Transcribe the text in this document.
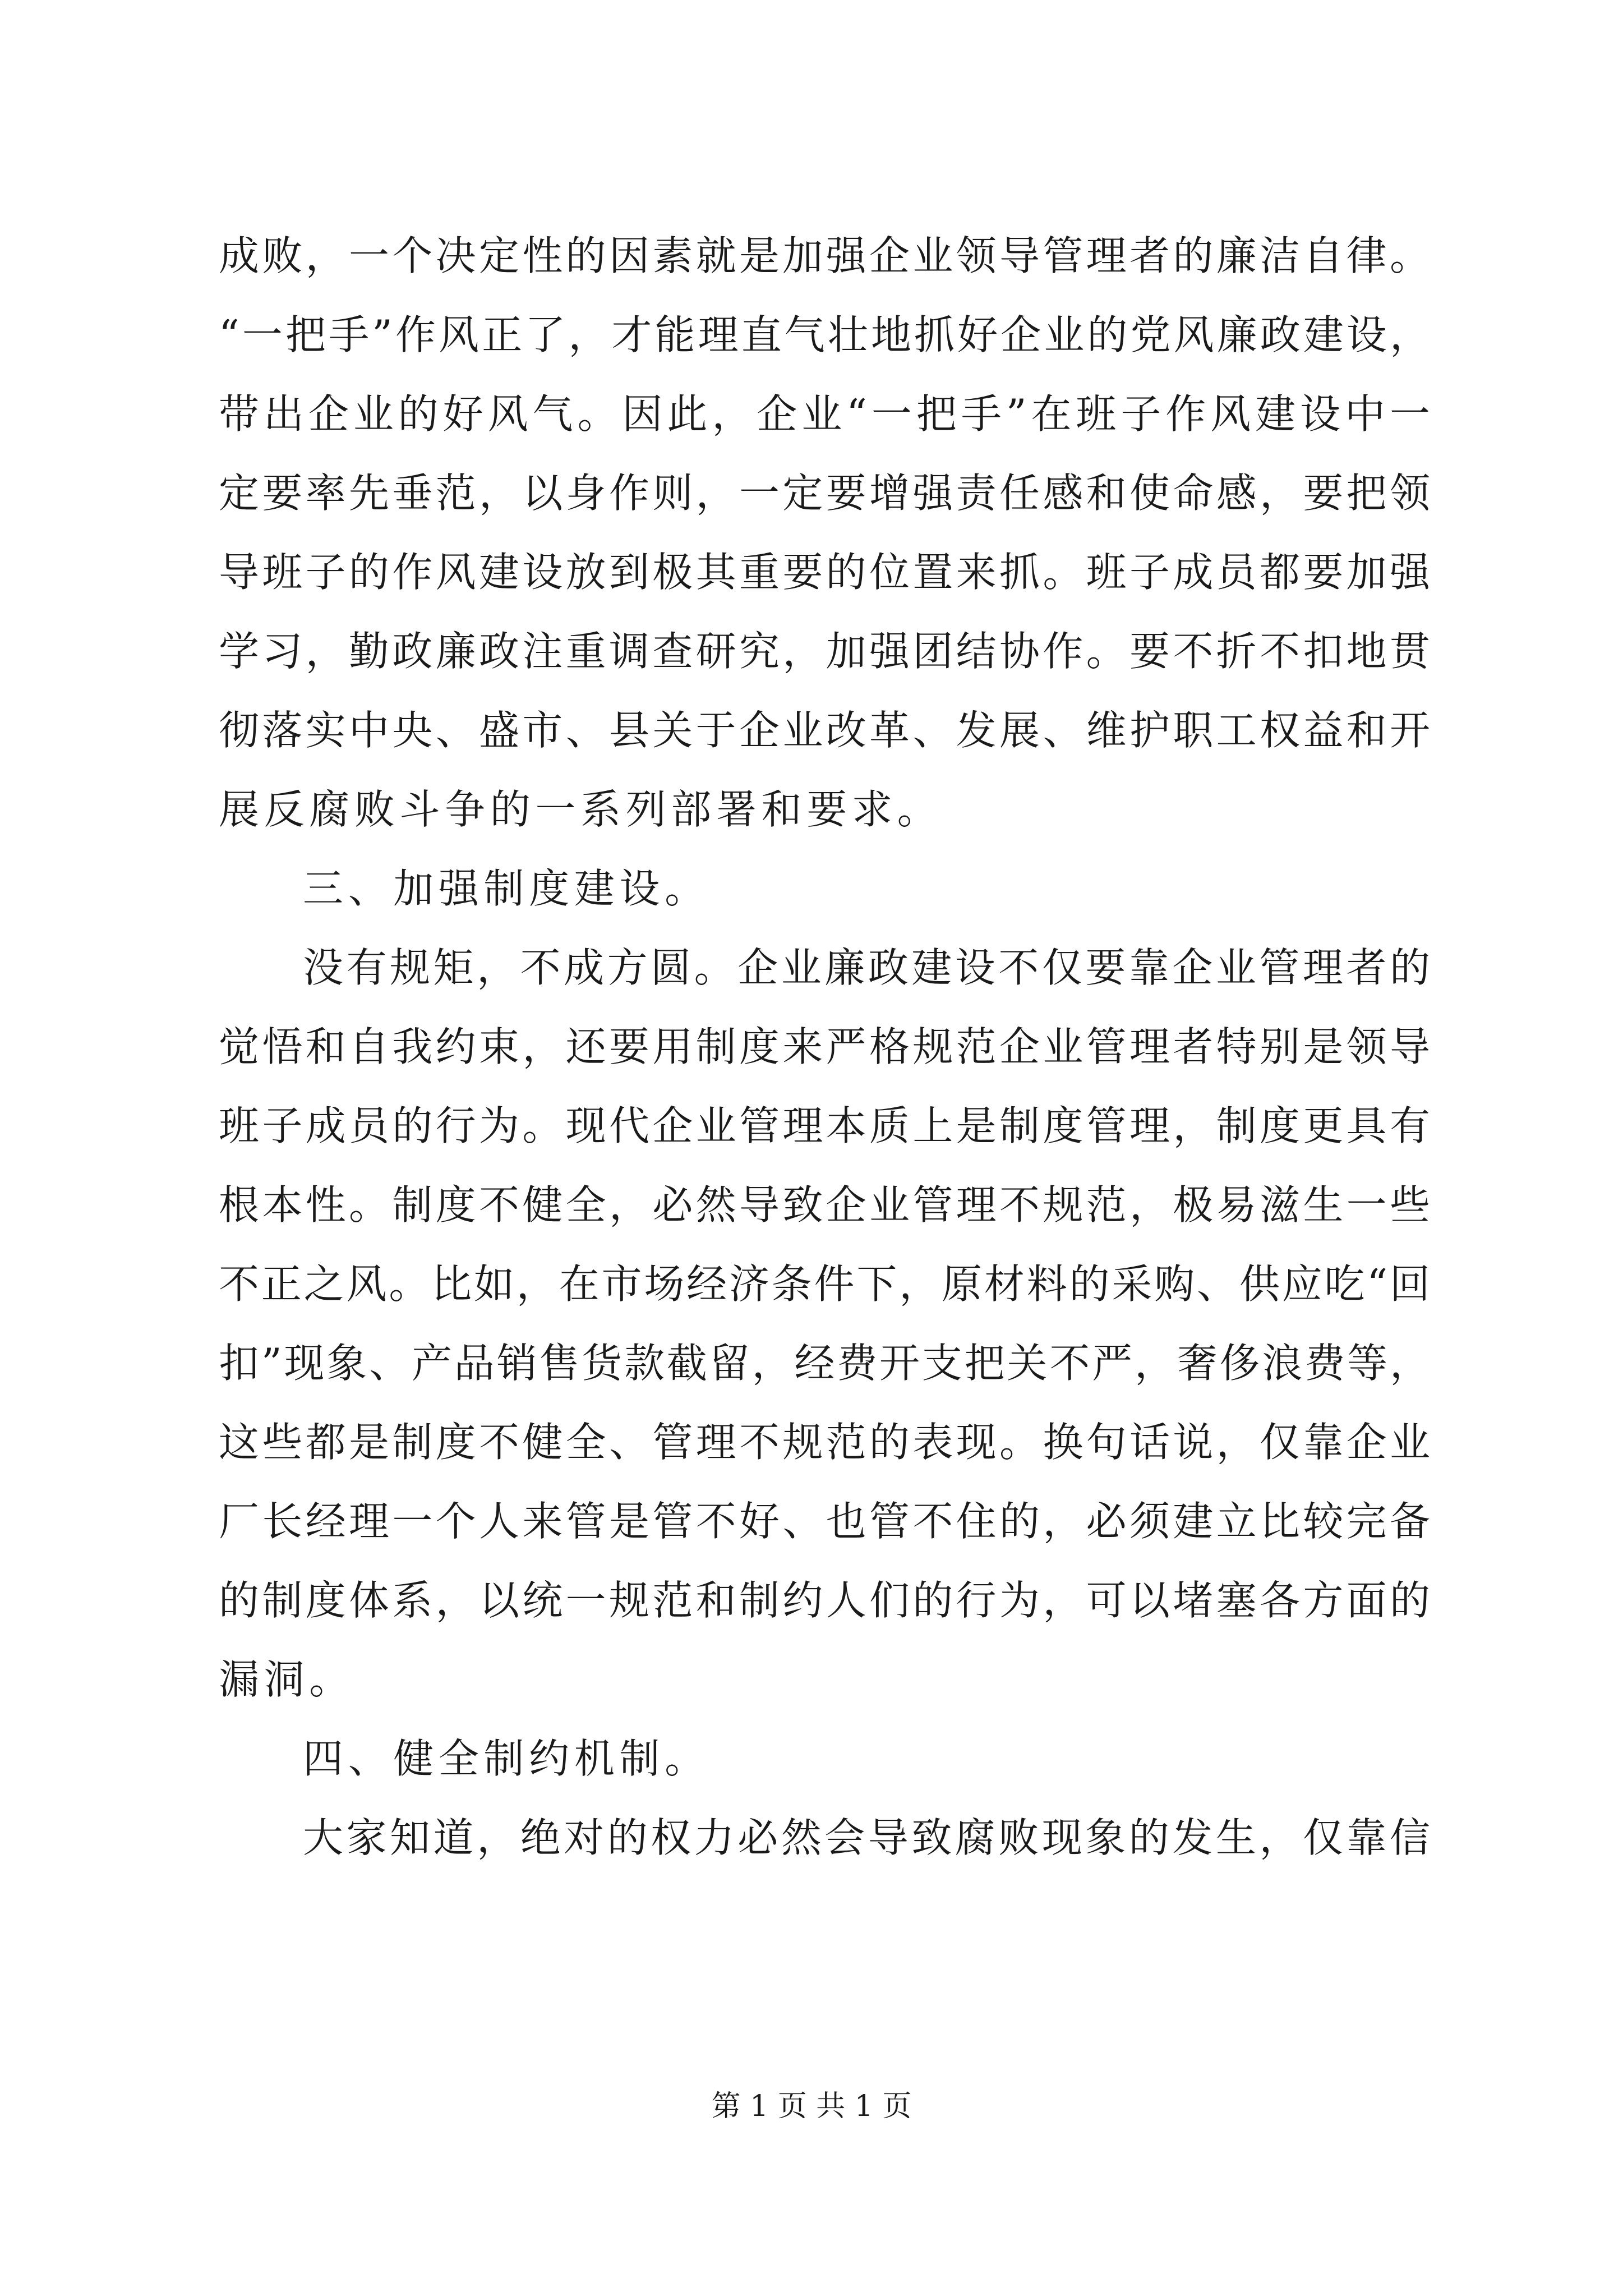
成败，一个决定性的因素就是加强企业领导管理者的廉洁自律。
“一把手”作风正了，才能理直气壮地抓好企业的党风廉政建设，
带出企业的好风气。因此，企业“一把手”在班子作风建设中一
定要率先垂范，以身作则，一定要增强责任感和使命感，要把领
导班子的作风建设放到极其重要的位置来抓。班子成员都要加强
学习，勤政廉政注重调查研究，加强团结协作。要不折不扣地贯
彻落实中央、盛市、县关于企业改革、发展、维护职工权益和开
展反腐败斗争的一系列部署和要求。
三、加强制度建设。
没有规矩，不成方圆。企业廉政建设不仅要靠企业管理者的
觉悟和自我约束，还要用制度来严格规范企业管理者特别是领导
班子成员的行为。现代企业管理本质上是制度管理，制度更具有
根本性。制度不健全，必然导致企业管理不规范，极易滋生一些
不正之风。比如，在市场经济条件下，原材料的采购、供应吃“回
扣”现象、产品销售货款截留，经费开支把关不严，奢侈浪费等，
这些都是制度不健全、管理不规范的表现。换句话说，仅靠企业
厂长经理一个人来管是管不好、也管不住的，必须建立比较完备
的制度体系，以统一规范和制约人们的行为，可以堵塞各方面的
漏洞。
四、健全制约机制。
大家知道，绝对的权力必然会导致腐败现象的发生，仅靠信
第 1 页 共 1 页
